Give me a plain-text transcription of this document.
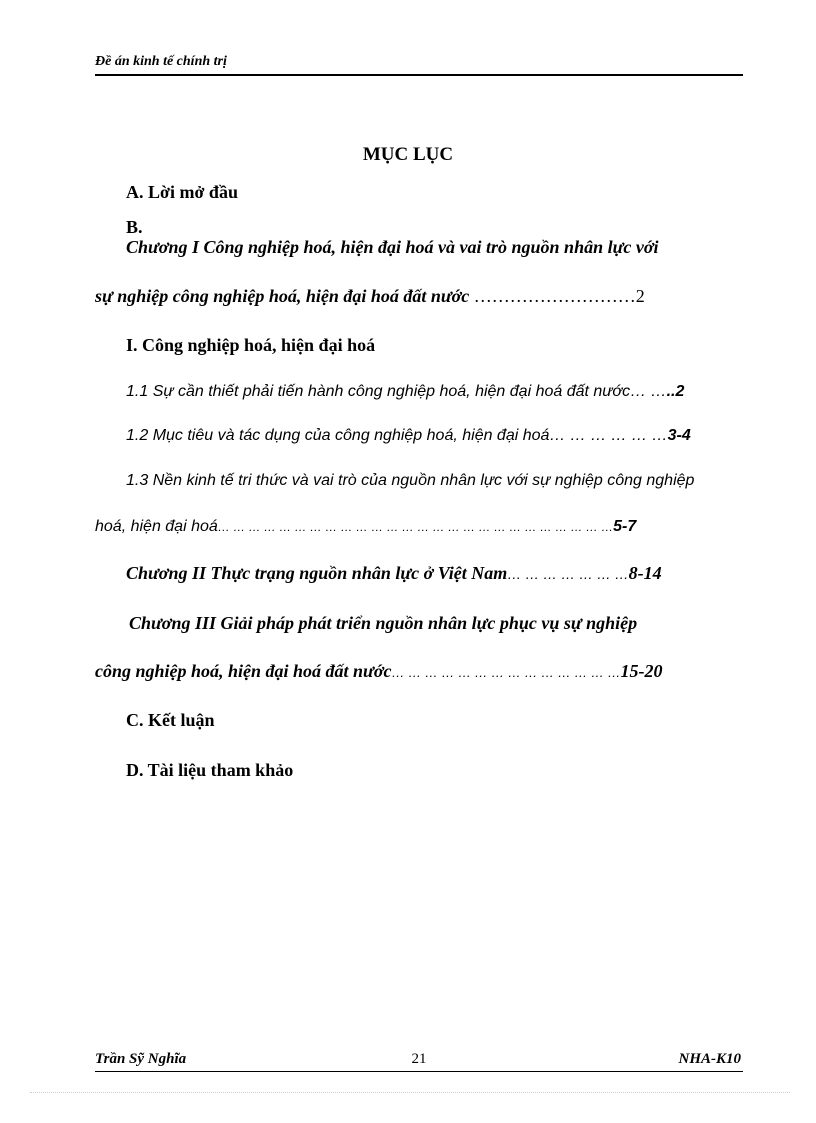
Đề án kinh tế chính trị
MỤC LỤC
A. Lời mở đầu
B.
Chương I Công nghiệp hoá, hiện đại hoá và vai trò nguồn nhân lực với
sự nghiệp công nghiệp hoá, hiện đại hoá đất nước ………………………2
I. Công nghiệp hoá, hiện đại hoá
1.1 Sự cần thiết phải tiến hành công nghiệp hoá, hiện đại hoá đất nước… …..2
1.2 Mục tiêu và tác dụng của công nghiệp hoá, hiện đại hoá… … … … … …3-4
1.3 Nền kinh tế tri thức và vai trò của nguồn nhân lực với sự nghiệp công nghiệp
hoá, hiện đại hoá… … … … … … … … … … … … … … … … … … … … … … … … … …5-7
Chương II Thực trạng nguồn nhân lực ở Việt Nam… … … … … … …8-14
Chương III Giải pháp phát triển nguồn nhân lực phục vụ sự nghiệp
công nghiệp hoá, hiện đại hoá đất nước… … … … … … … … … … … … … …15-20
C. Kết luận
D. Tài liệu tham khảo
Trần Sỹ Nghĩa	21	NHA-K10
